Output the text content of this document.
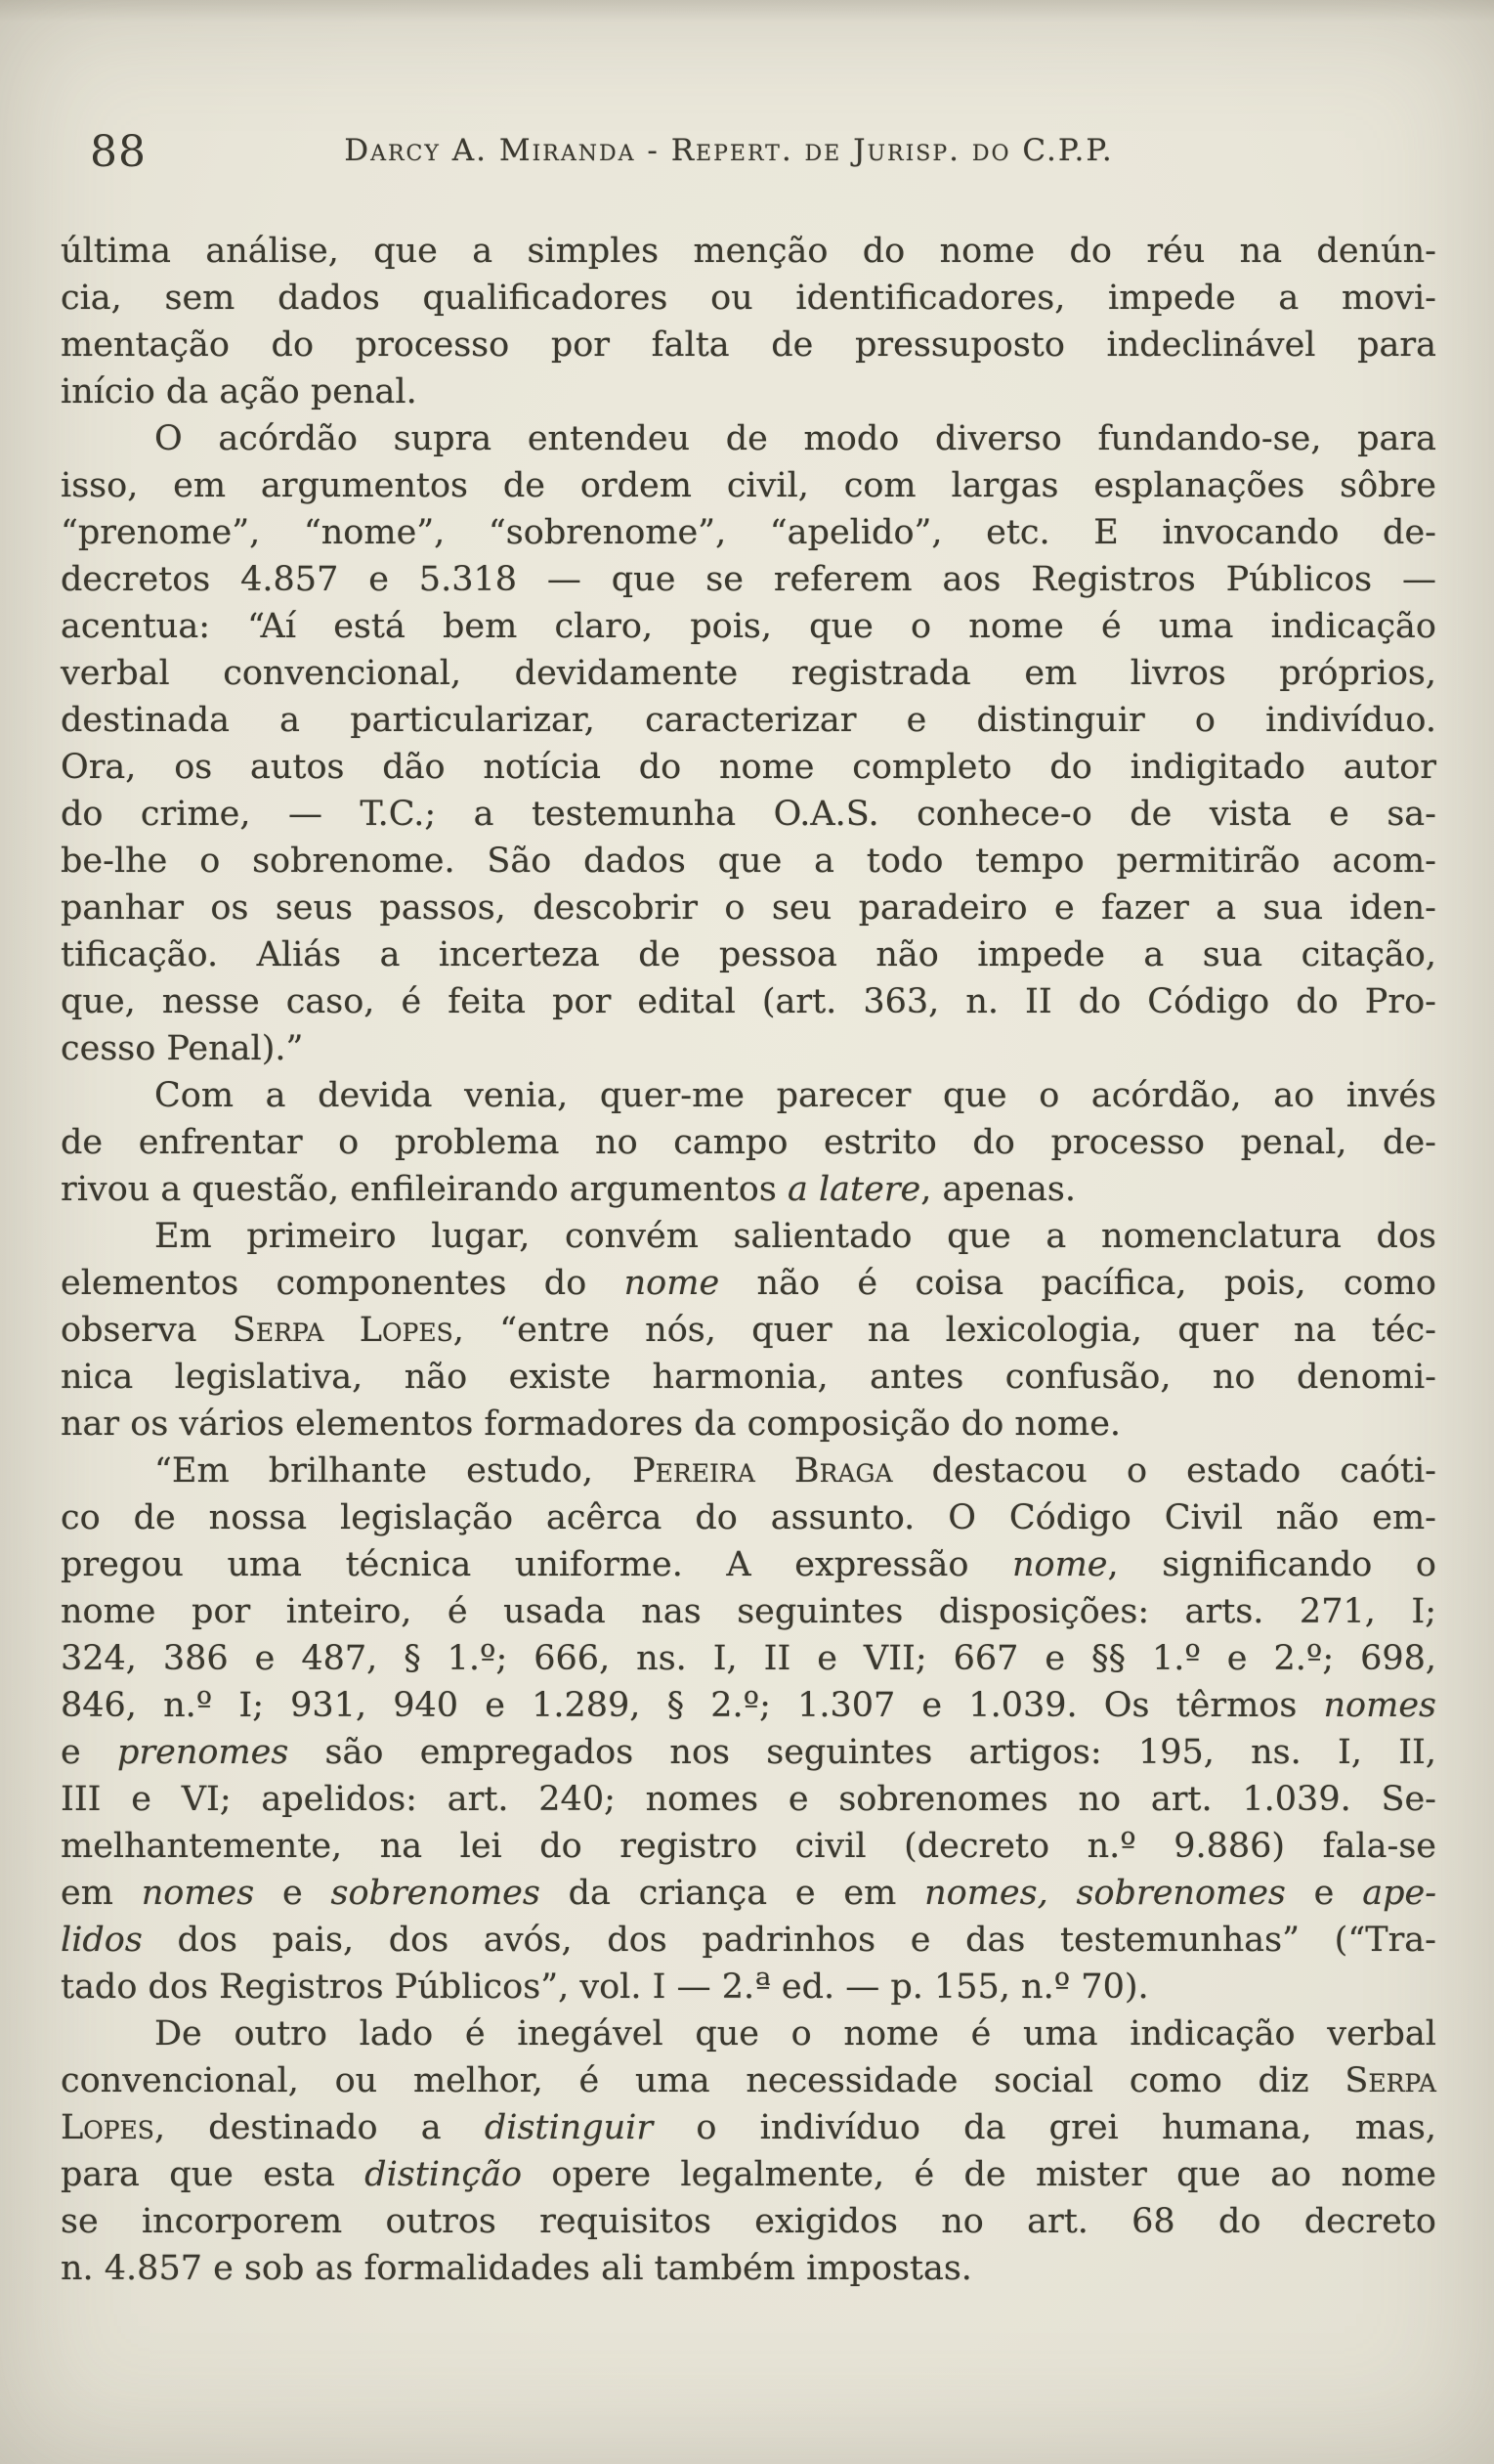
88	Darcy A. Miranda - Repert. de Jurisp. do C.P.P.
última análise, que a simples menção do nome do réu na denún-
cia, sem dados qualificadores ou identificadores, impede a movi-
mentação do processo por falta de pressuposto indeclinável para
início da ação penal.
O acórdão supra entendeu de modo diverso fundando-se, para
isso, em argumentos de ordem civil, com largas esplanações sôbre
“prenome”, “nome”, “sobrenome”, “apelido”, etc. E invocando de-
decretos 4.857 e 5.318 — que se referem aos Registros Públicos —
acentua: “Aí está bem claro, pois, que o nome é uma indicação
verbal convencional, devidamente registrada em livros próprios,
destinada a particularizar, caracterizar e distinguir o indivíduo.
Ora, os autos dão notícia do nome completo do indigitado autor
do crime, — T.C.; a testemunha O.A.S. conhece-o de vista e sa-
be-lhe o sobrenome. São dados que a todo tempo permitirão acom-
panhar os seus passos, descobrir o seu paradeiro e fazer a sua iden-
tificação. Aliás a incerteza de pessoa não impede a sua citação,
que, nesse caso, é feita por edital (art. 363, n. II do Código do Pro-
cesso Penal).”
Com a devida venia, quer-me parecer que o acórdão, ao invés
de enfrentar o problema no campo estrito do processo penal, de-
rivou a questão, enfileirando argumentos a latere, apenas.
Em primeiro lugar, convém salientado que a nomenclatura dos
elementos componentes do nome não é coisa pacífica, pois, como
observa Serpa Lopes, “entre nós, quer na lexicologia, quer na téc-
nica legislativa, não existe harmonia, antes confusão, no denomi-
nar os vários elementos formadores da composição do nome.
“Em brilhante estudo, Pereira Braga destacou o estado caóti-
co de nossa legislação acêrca do assunto. O Código Civil não em-
pregou uma técnica uniforme. A expressão nome, significando o
nome por inteiro, é usada nas seguintes disposições: arts. 271, I;
324, 386 e 487, § 1.º; 666, ns. I, II e VII; 667 e §§ 1.º e 2.º; 698,
846, n.º I; 931, 940 e 1.289, § 2.º; 1.307 e 1.039. Os têrmos nomes
e prenomes são empregados nos seguintes artigos: 195, ns. I, II,
III e VI; apelidos: art. 240; nomes e sobrenomes no art. 1.039. Se-
melhantemente, na lei do registro civil (decreto n.º 9.886) fala-se
em nomes e sobrenomes da criança e em nomes, sobrenomes e ape-
lidos dos pais, dos avós, dos padrinhos e das testemunhas” (“Tra-
tado dos Registros Públicos”, vol. I — 2.ª ed. — p. 155, n.º 70).
De outro lado é inegável que o nome é uma indicação verbal
convencional, ou melhor, é uma necessidade social como diz Serpa
Lopes, destinado a distinguir o indivíduo da grei humana, mas,
para que esta distinção opere legalmente, é de mister que ao nome
se incorporem outros requisitos exigidos no art. 68 do decreto
n. 4.857 e sob as formalidades ali também impostas.
